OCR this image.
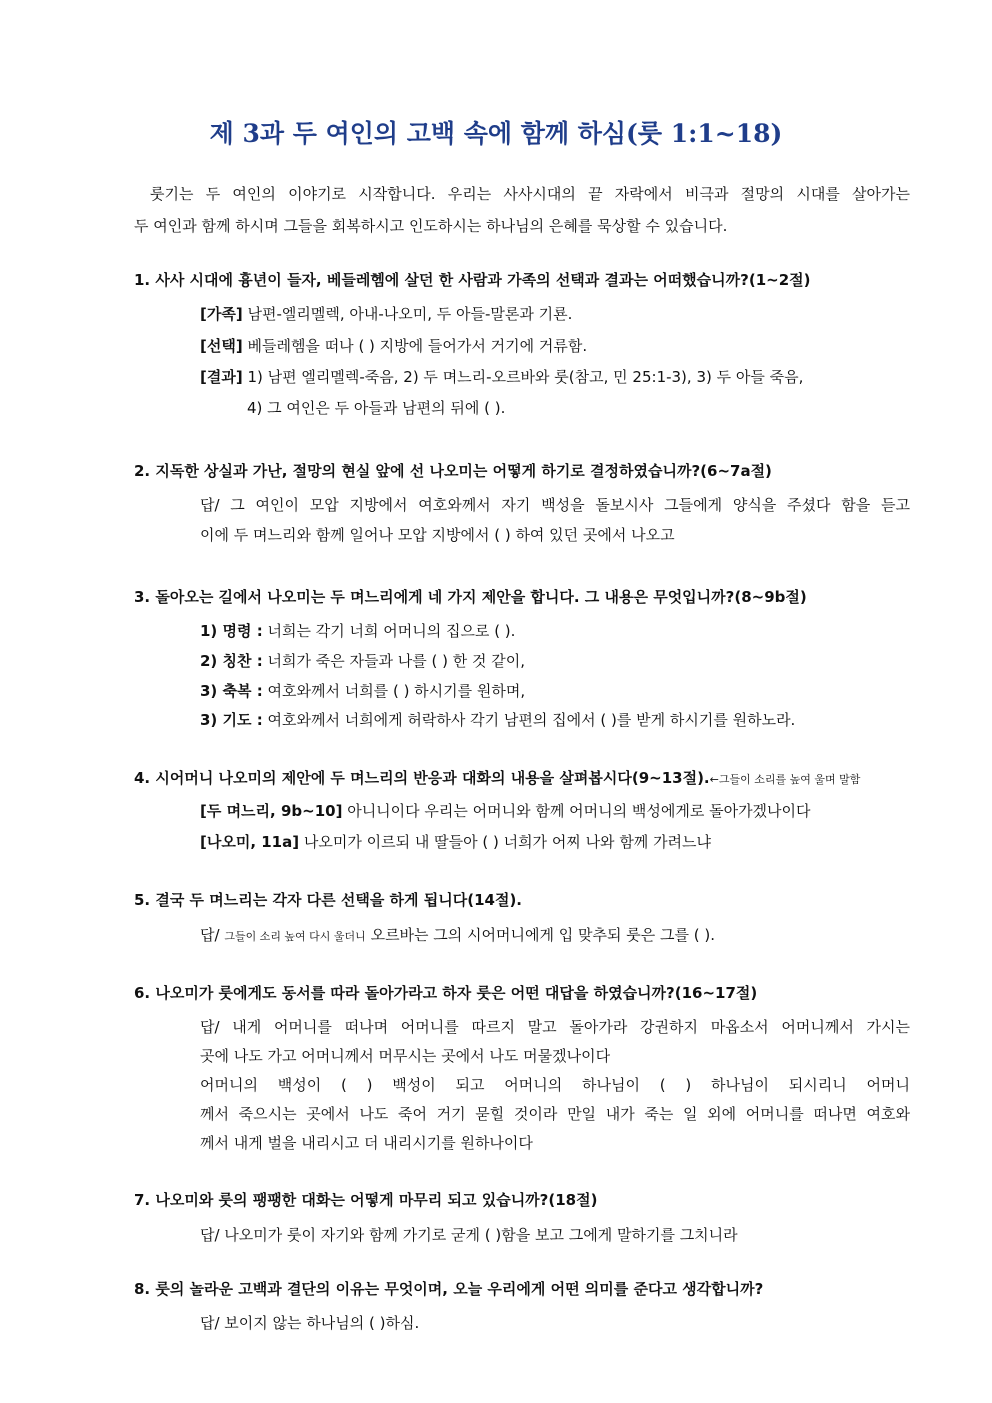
제 3과 두 여인의 고백 속에 함께 하심(룻 1:1~18)

룻기는 두 여인의 이야기로 시작합니다. 우리는 사사시대의 끝 자락에서 비극과 절망의 시대를 살아가는

두 여인과 함께 하시며 그들을 회복하시고 인도하시는 하나님의 은혜를 묵상할 수 있습니다.

1. 사사 시대에 흉년이 들자, 베들레헴에 살던 한 사람과 가족의 선택과 결과는 어떠했습니까?(1~2절)
[가족] 남편-엘리멜렉, 아내-나오미, 두 아들-말론과 기룐.
[선택] 베들레헴을 떠나 ( ) 지방에 들어가서 거기에 거류함.
[결과] 1) 남편 엘리멜렉-죽음, 2) 두 며느리-오르바와 룻(참고, 민 25:1-3), 3) 두 아들 죽음,
4) 그 여인은 두 아들과 남편의 뒤에 ( ).
2. 지독한 상실과 가난, 절망의 현실 앞에 선 나오미는 어떻게 하기로 결정하였습니까?(6~7a절)
답/ 그 여인이 모압 지방에서 여호와께서 자기 백성을 돌보시사 그들에게 양식을 주셨다 함을 듣고
이에 두 며느리와 함께 일어나 모압 지방에서 ( ) 하여 있던 곳에서 나오고
3. 돌아오는 길에서 나오미는 두 며느리에게 네 가지 제안을 합니다. 그 내용은 무엇입니까?(8~9b절)
1) 명령 : 너희는 각기 너희 어머니의 집으로 ( ).
2) 칭찬 : 너희가 죽은 자들과 나를 ( ) 한 것 같이,
3) 축복 : 여호와께서 너희를 ( ) 하시기를 원하며,
3) 기도 : 여호와께서 너희에게 허락하사 각기 남편의 집에서 ( )를 받게 하시기를 원하노라.
4. 시어머니 나오미의 제안에 두 며느리의 반응과 대화의 내용을 살펴봅시다(9~13절).←그들이 소리를 높여 울며 말함
[두 며느리, 9b~10] 아니니이다 우리는 어머니와 함께 어머니의 백성에게로 돌아가겠나이다
[나오미, 11a] 나오미가 이르되 내 딸들아 ( ) 너희가 어찌 나와 함께 가려느냐
5. 결국 두 며느리는 각자 다른 선택을 하게 됩니다(14절).
답/ 그들이 소리 높여 다시 울더니 오르바는 그의 시어머니에게 입 맞추되 룻은 그를 ( ).
6. 나오미가 룻에게도 동서를 따라 돌아가라고 하자 룻은 어떤 대답을 하였습니까?(16~17절)
답/ 내게 어머니를 떠나며 어머니를 따르지 말고 돌아가라 강권하지 마옵소서 어머니께서 가시는
곳에 나도 가고 어머니께서 머무시는 곳에서 나도 머물겠나이다
어머니의 백성이 ( ) 백성이 되고 어머니의 하나님이 ( ) 하나님이 되시리니 어머니
께서 죽으시는 곳에서 나도 죽어 거기 묻힐 것이라 만일 내가 죽는 일 외에 어머니를 떠나면 여호와
께서 내게 벌을 내리시고 더 내리시기를 원하나이다
7. 나오미와 룻의 팽팽한 대화는 어떻게 마무리 되고 있습니까?(18절)
답/ 나오미가 룻이 자기와 함께 가기로 굳게 ( )함을 보고 그에게 말하기를 그치니라
8. 룻의 놀라운 고백과 결단의 이유는 무엇이며, 오늘 우리에게 어떤 의미를 준다고 생각합니까?
답/ 보이지 않는 하나님의 ( )하심.
